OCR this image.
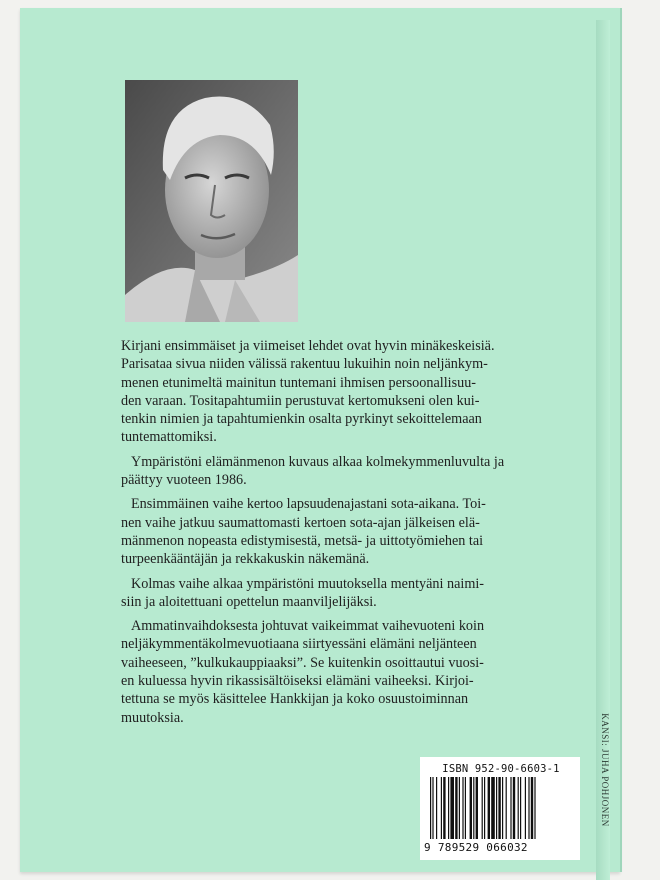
KANSI: JUHA POHJONEN

Kirjani ensimmäiset ja viimeiset lehdet ovat hyvin minäkeskeisiä.
Parisataa sivua niiden välissä rakentuu lukuihin noin neljänkym-
menen etunimeltä mainitun tuntemani ihmisen persoonallisuu-
den varaan. Tositapahtumiin perustuvat kertomukseni olen kui-
tenkin nimien ja tapahtumienkin osalta pyrkinyt sekoittelemaan
tuntemattomiksi.

Ympäristöni elämänmenon kuvaus alkaa kolmekymmenluvulta ja
päättyy vuoteen 1986.

Ensimmäinen vaihe kertoo lapsuudenajastani sota-aikana. Toi-
nen vaihe jatkuu saumattomasti kertoen sota-ajan jälkeisen elä-
mänmenon nopeasta edistymisestä, metsä- ja uittotyömiehen tai
turpeenkääntäjän ja rekkakuskin näkemänä.

Kolmas vaihe alkaa ympäristöni muutoksella mentyäni naimi-
siin ja aloitettuani opettelun maanviljelijäksi.

Ammatinvaihdoksesta johtuvat vaikeimmat vaihevuoteni koin
neljäkymmentäkolmevuotiaana siirtyessäni elämäni neljänteen
vaiheeseen, ”kulkukauppiaaksi”. Se kuitenkin osoittautui vuosi-
en kuluessa hyvin rikassisältöiseksi elämäni vaiheeksi. Kirjoi-
tettuna se myös käsittelee Hankkijan ja koko osuustoiminnan
muutoksia.

ISBN 952-90-6603-1
9 789529 066032
